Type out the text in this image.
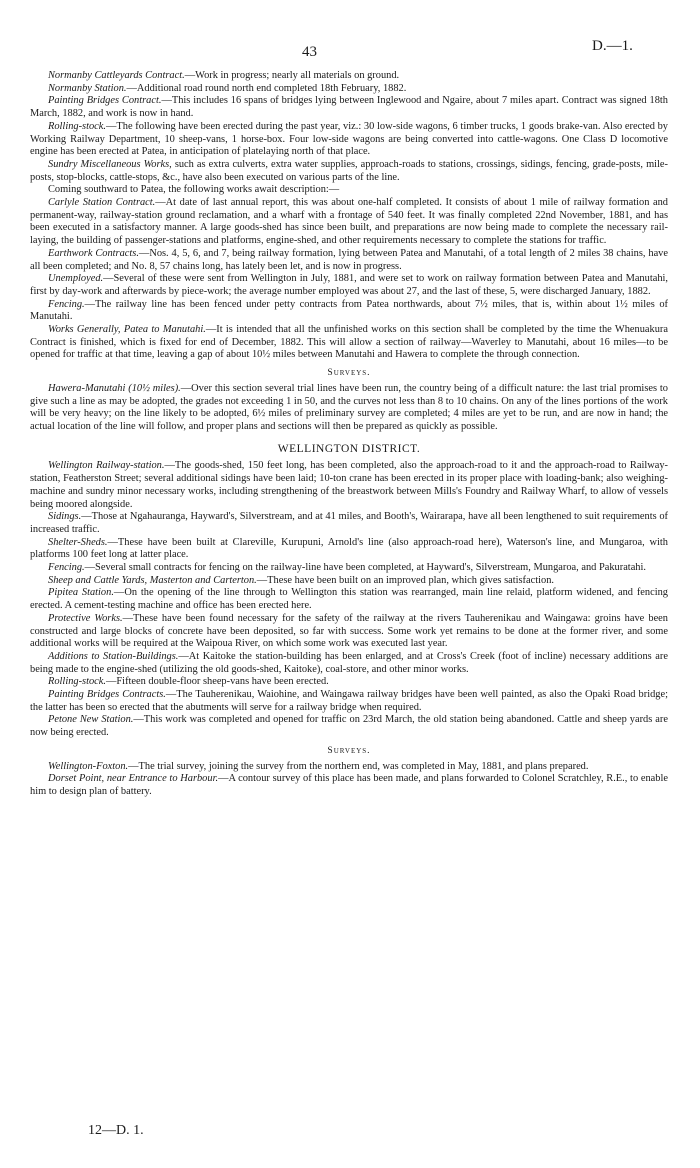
43	D.—1.

Normanby Cattleyards Contract.—Work in progress; nearly all materials on ground.

Normanby Station.—Additional road round north end completed 18th February, 1882.

Painting Bridges Contract.—This includes 16 spans of bridges lying between Inglewood and Ngaire, about 7 miles apart. Contract was signed 18th March, 1882, and work is now in hand.

Rolling-stock.—The following have been erected during the past year, viz.: 30 low-side wagons, 6 timber trucks, 1 goods brake-van. Also erected by Working Railway Department, 10 sheep-vans, 1 horse-box. Four low-side wagons are being converted into cattle-wagons. One Class D locomotive engine has been erected at Patea, in anticipation of platelaying north of that place.

Sundry Miscellaneous Works, such as extra culverts, extra water supplies, approach-roads to stations, crossings, sidings, fencing, grade-posts, mile-posts, stop-blocks, cattle-stops, &c., have also been executed on various parts of the line.

Coming southward to Patea, the following works await description:—

Carlyle Station Contract.—At date of last annual report, this was about one-half completed. It consists of about 1 mile of railway formation and permanent-way, railway-station ground reclamation, and a wharf with a frontage of 540 feet. It was finally completed 22nd November, 1881, and has been executed in a satisfactory manner. A large goods-shed has since been built, and preparations are now being made to complete the necessary rail-laying, the building of passenger-stations and platforms, engine-shed, and other requirements necessary to complete the stations for traffic.

Earthwork Contracts.—Nos. 4, 5, 6, and 7, being railway formation, lying between Patea and Manutahi, of a total length of 2 miles 38 chains, have all been completed; and No. 8, 57 chains long, has lately been let, and is now in progress.

Unemployed.—Several of these were sent from Wellington in July, 1881, and were set to work on railway formation between Patea and Manutahi, first by day-work and afterwards by piece-work; the average number employed was about 27, and the last of these, 5, were discharged January, 1882.

Fencing.—The railway line has been fenced under petty contracts from Patea northwards, about 7½ miles, that is, within about 1½ miles of Manutahi.

Works Generally, Patea to Manutahi.—It is intended that all the unfinished works on this section shall be completed by the time the Whenuakura Contract is finished, which is fixed for end of December, 1882. This will allow a section of railway—Waverley to Manutahi, about 16 miles—to be opened for traffic at that time, leaving a gap of about 10½ miles between Manutahi and Hawera to complete the through connection.

Surveys.

Hawera-Manutahi (10½ miles).—Over this section several trial lines have been run, the country being of a difficult nature: the last trial promises to give such a line as may be adopted, the grades not exceeding 1 in 50, and the curves not less than 8 to 10 chains. On any of the lines portions of the work will be very heavy; on the line likely to be adopted, 6½ miles of preliminary survey are completed; 4 miles are yet to be run, and are now in hand; the actual location of the line will follow, and proper plans and sections will then be prepared as quickly as possible.

WELLINGTON DISTRICT.

Wellington Railway-station.—The goods-shed, 150 feet long, has been completed, also the approach-road to it and the approach-road to Railway-station, Featherston Street; several additional sidings have been laid; 10-ton crane has been erected in its proper place with loading-bank; also weighing-machine and sundry minor necessary works, including strengthening of the breastwork between Mills's Foundry and Railway Wharf, to allow of vessels being moored alongside.

Sidings.—Those at Ngahauranga, Hayward's, Silverstream, and at 41 miles, and Booth's, Wairarapa, have all been lengthened to suit requirements of increased traffic.

Shelter-Sheds.—These have been built at Clareville, Kurupuni, Arnold's line (also approach-road here), Waterson's line, and Mungaroa, with platforms 100 feet long at latter place.

Fencing.—Several small contracts for fencing on the railway-line have been completed, at Hayward's, Silverstream, Mungaroa, and Pakuratahi.

Sheep and Cattle Yards, Masterton and Carterton.—These have been built on an improved plan, which gives satisfaction.

Pipitea Station.—On the opening of the line through to Wellington this station was rearranged, main line relaid, platform widened, and fencing erected. A cement-testing machine and office has been erected here.

Protective Works.—These have been found necessary for the safety of the railway at the rivers Tauherenikau and Waingawa: groins have been constructed and large blocks of concrete have been deposited, so far with success. Some work yet remains to be done at the former river, and some additional works will be required at the Waipoua River, on which some work was executed last year.

Additions to Station-Buildings.—At Kaitoke the station-building has been enlarged, and at Cross's Creek (foot of incline) necessary additions are being made to the engine-shed (utilizing the old goods-shed, Kaitoke), coal-store, and other minor works.

Rolling-stock.—Fifteen double-floor sheep-vans have been erected.

Painting Bridges Contracts.—The Tauherenikau, Waiohine, and Waingawa railway bridges have been well painted, as also the Opaki Road bridge; the latter has been so erected that the abutments will serve for a railway bridge when required.

Petone New Station.—This work was completed and opened for traffic on 23rd March, the old station being abandoned. Cattle and sheep yards are now being erected.

Surveys.

Wellington-Foxton.—The trial survey, joining the survey from the northern end, was completed in May, 1881, and plans prepared.

Dorset Point, near Entrance to Harbour.—A contour survey of this place has been made, and plans forwarded to Colonel Scratchley, R.E., to enable him to design plan of battery.

12—D. 1.
